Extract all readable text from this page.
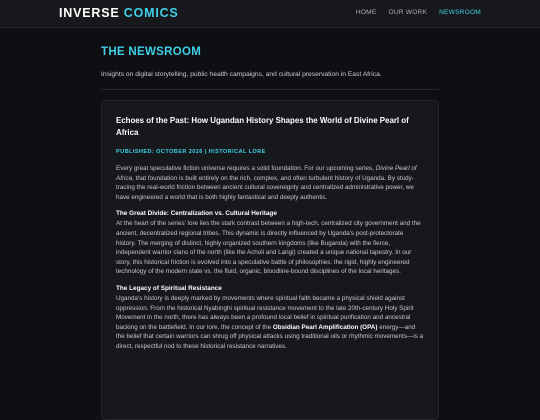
INVERSE COMICS	HOME OUR WORK NEWSROOM
THE NEWSROOM

Insights on digital storytelling, public health campaigns, and cultural preservation in East Africa.

Echoes of the Past: How Ugandan History Shapes the World of Divine Pearl of Africa
PUBLISHED: OCTOBER 2026 | HISTORICAL LORE

Every great speculative fiction universe requires a solid foundation. For our upcoming series, Divine Pearl of Africa, that foundation is built entirely on the rich, complex, and often turbulent history of Uganda. By study-tracing the real-world friction between ancient cultural sovereignty and centralized administrative power, we have engineered a world that is both highly fantastical and deeply authentic.

The Great Divide: Centralization vs. Cultural Heritage

At the heart of the series' lore lies the stark contrast between a high-tech, centralized city government and the ancient, decentralized regional tribes. This dynamic is directly influenced by Uganda's post-protectorate history. The merging of distinct, highly organized southern kingdoms (like Buganda) with the fierce, independent warrior clans of the north (like the Acholi and Langi) created a unique national tapestry. In our story, this historical friction is evolved into a speculative battle of philosophies: the rigid, highly engineered technology of the modern state vs. the fluid, organic, bloodline-bound disciplines of the local heritages.

The Legacy of Spiritual Resistance

Uganda's history is deeply marked by movements where spiritual faith became a physical shield against oppression. From the historical Nyabinghi spiritual resistance movement to the late 20th-century Holy Spirit Movement in the north, there has always been a profound local belief in spiritual purification and ancestral backing on the battlefield. In our lore, the concept of the Obsidian Pearl Amplification (OPA) energy—and the belief that certain warriors can shrug off physical attacks using traditional oils or rhythmic movements—is a direct, respectful nod to these historical resistance narratives.
